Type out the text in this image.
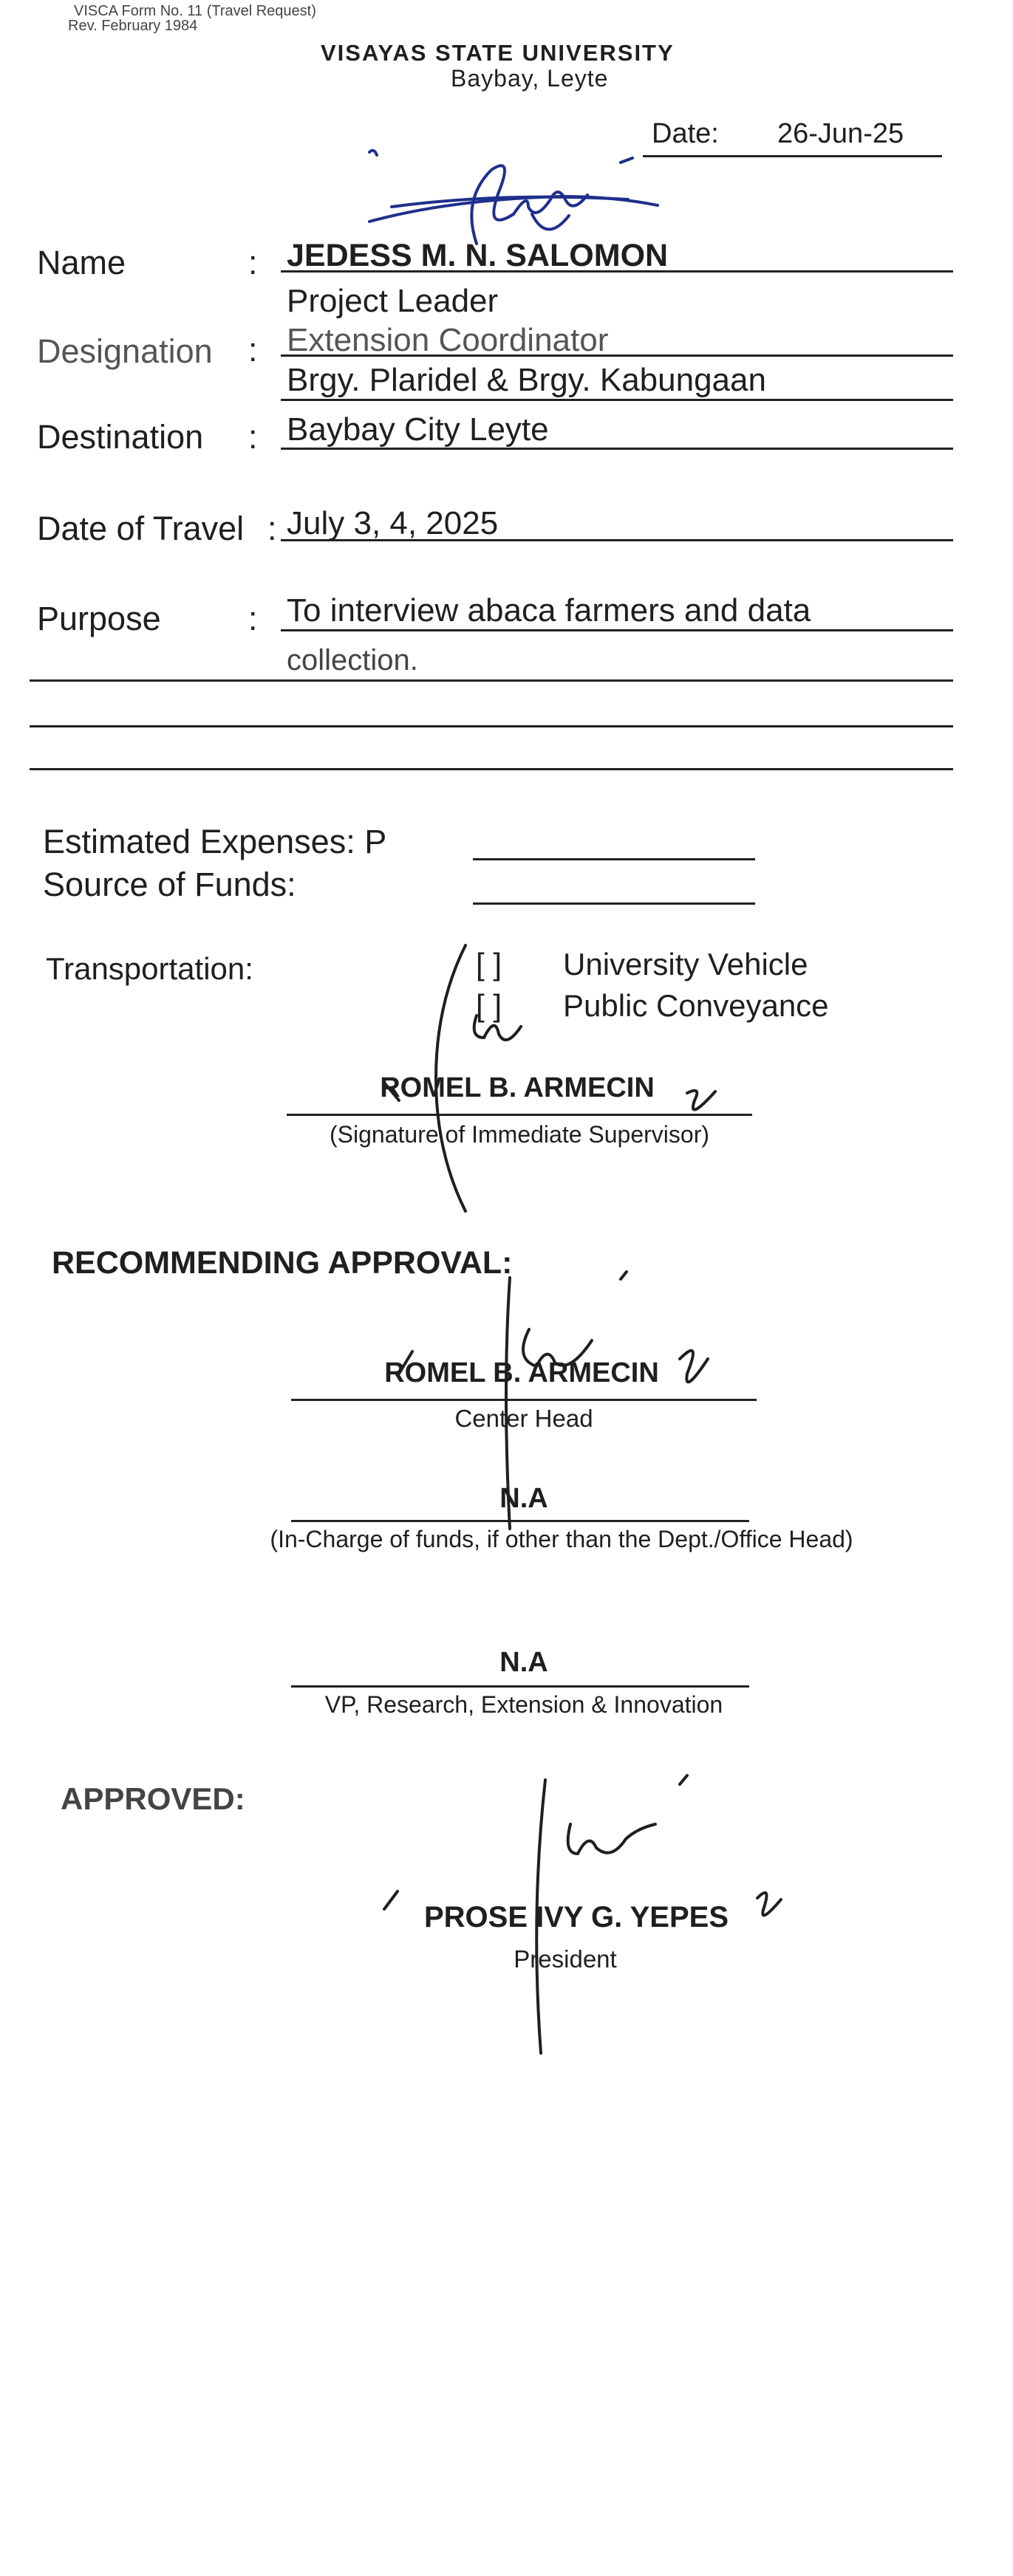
VISCA Form No. 11 (Travel Request)
Rev. February 1984
VISAYAS STATE UNIVERSITY
Baybay, Leyte
Date: 26-Jun-25
Name	: JEDESS M. N. SALOMON
Project Leader
Designation : Extension Coordinator
Brgy. Plaridel & Brgy. Kabungaan
Destination : Baybay City Leyte
Date of Travel : July 3, 4, 2025
Purpose	: To interview abaca farmers and data
collection.
Estimated Expenses: P
Source of Funds:
Transportation:	[ ] University Vehicle
[ ] Public Conveyance
ROMEL B. ARMECIN
(Signature of Immediate Supervisor)
RECOMMENDING APPROVAL:
ROMEL B. ARMECIN
Center Head
N.A
(In-Charge of funds, if other than the Dept./Office Head)
N.A
VP, Research, Extension & Innovation
APPROVED:
PROSE IVY G. YEPES
President
